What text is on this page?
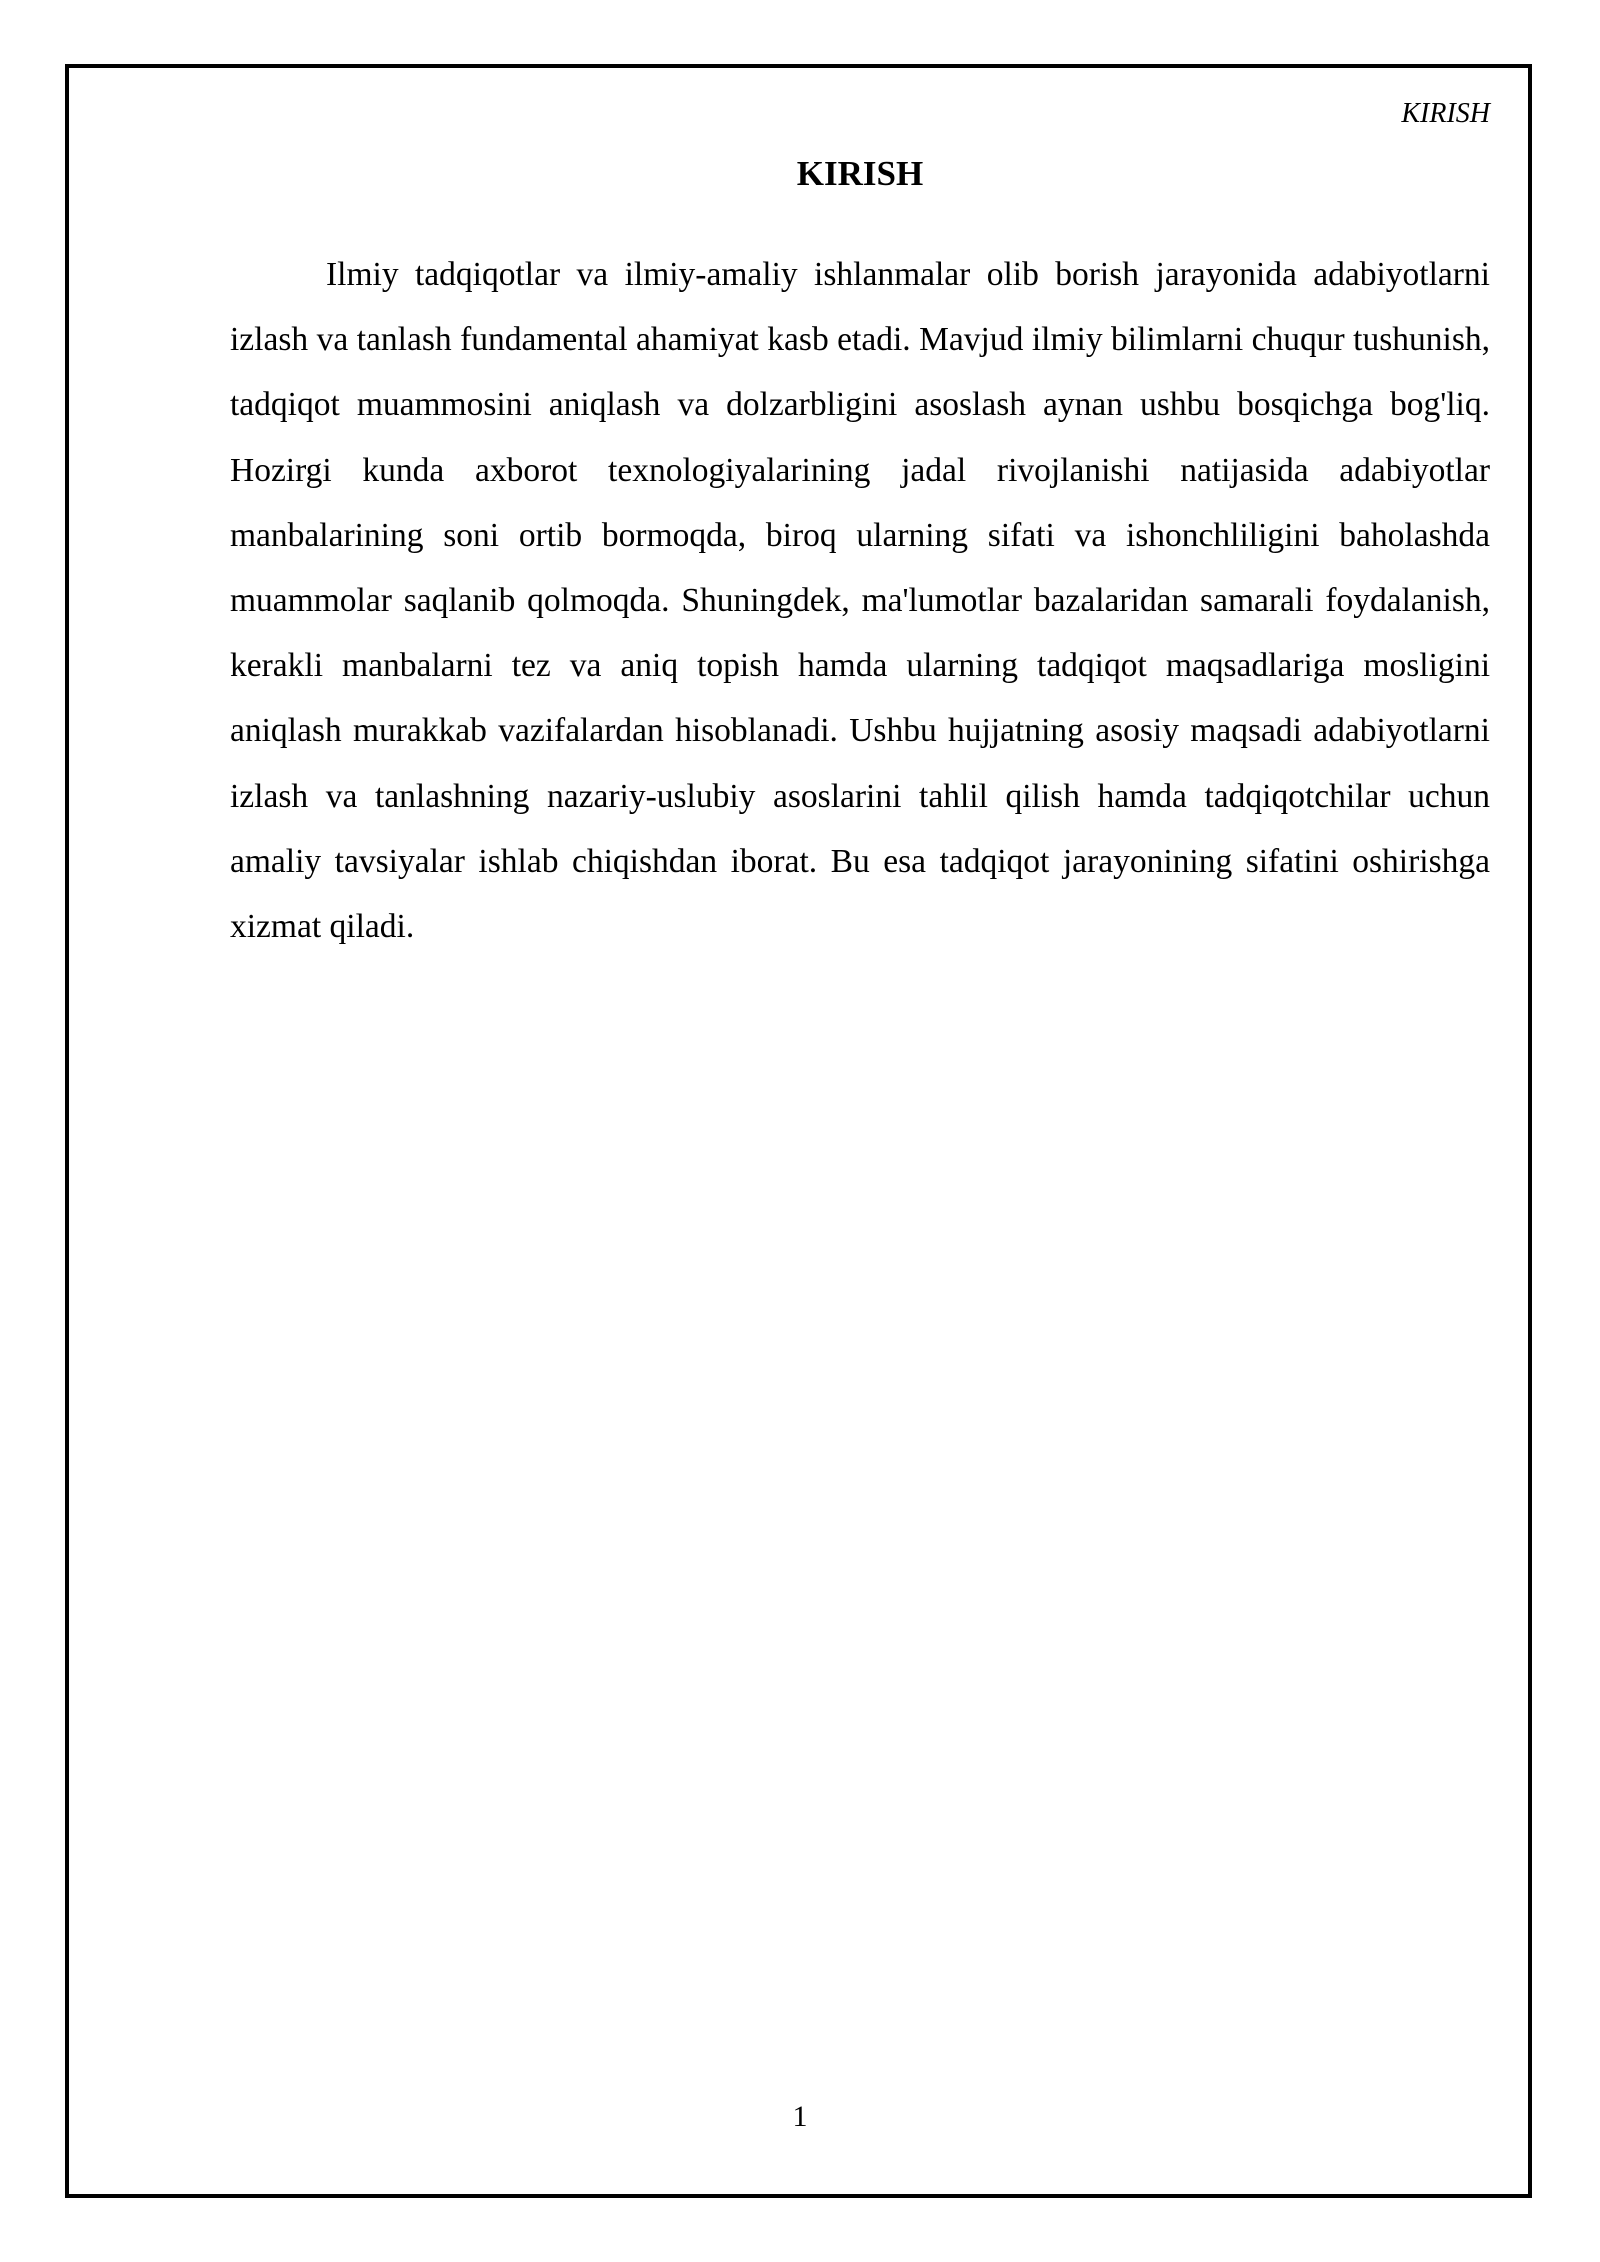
KIRISH
KIRISH

Ilmiy tadqiqotlar va ilmiy-amaliy ishlanmalar olib borish jarayonida adabiyotlarni izlash va tanlash fundamental ahamiyat kasb etadi. Mavjud ilmiy bilimlarni chuqur tushunish, tadqiqot muammosini aniqlash va dolzarbligini asoslash aynan ushbu bosqichga bog'liq. Hozirgi kunda axborot texnologiyalarining jadal rivojlanishi natijasida adabiyotlar manbalarining soni ortib bormoqda, biroq ularning sifati va ishonchliligini baholashda muammolar saqlanib qolmoqda. Shuningdek, ma'lumotlar bazalaridan samarali foydalanish, kerakli manbalarni tez va aniq topish hamda ularning tadqiqot maqsadlariga mosligini aniqlash murakkab vazifalardan hisoblanadi. Ushbu hujjatning asosiy maqsadi adabiyotlarni izlash va tanlashning nazariy-uslubiy asoslarini tahlil qilish hamda tadqiqotchilar uchun amaliy tavsiyalar ishlab chiqishdan iborat. Bu esa tadqiqot jarayonining sifatini oshirishga xizmat qiladi.

1
